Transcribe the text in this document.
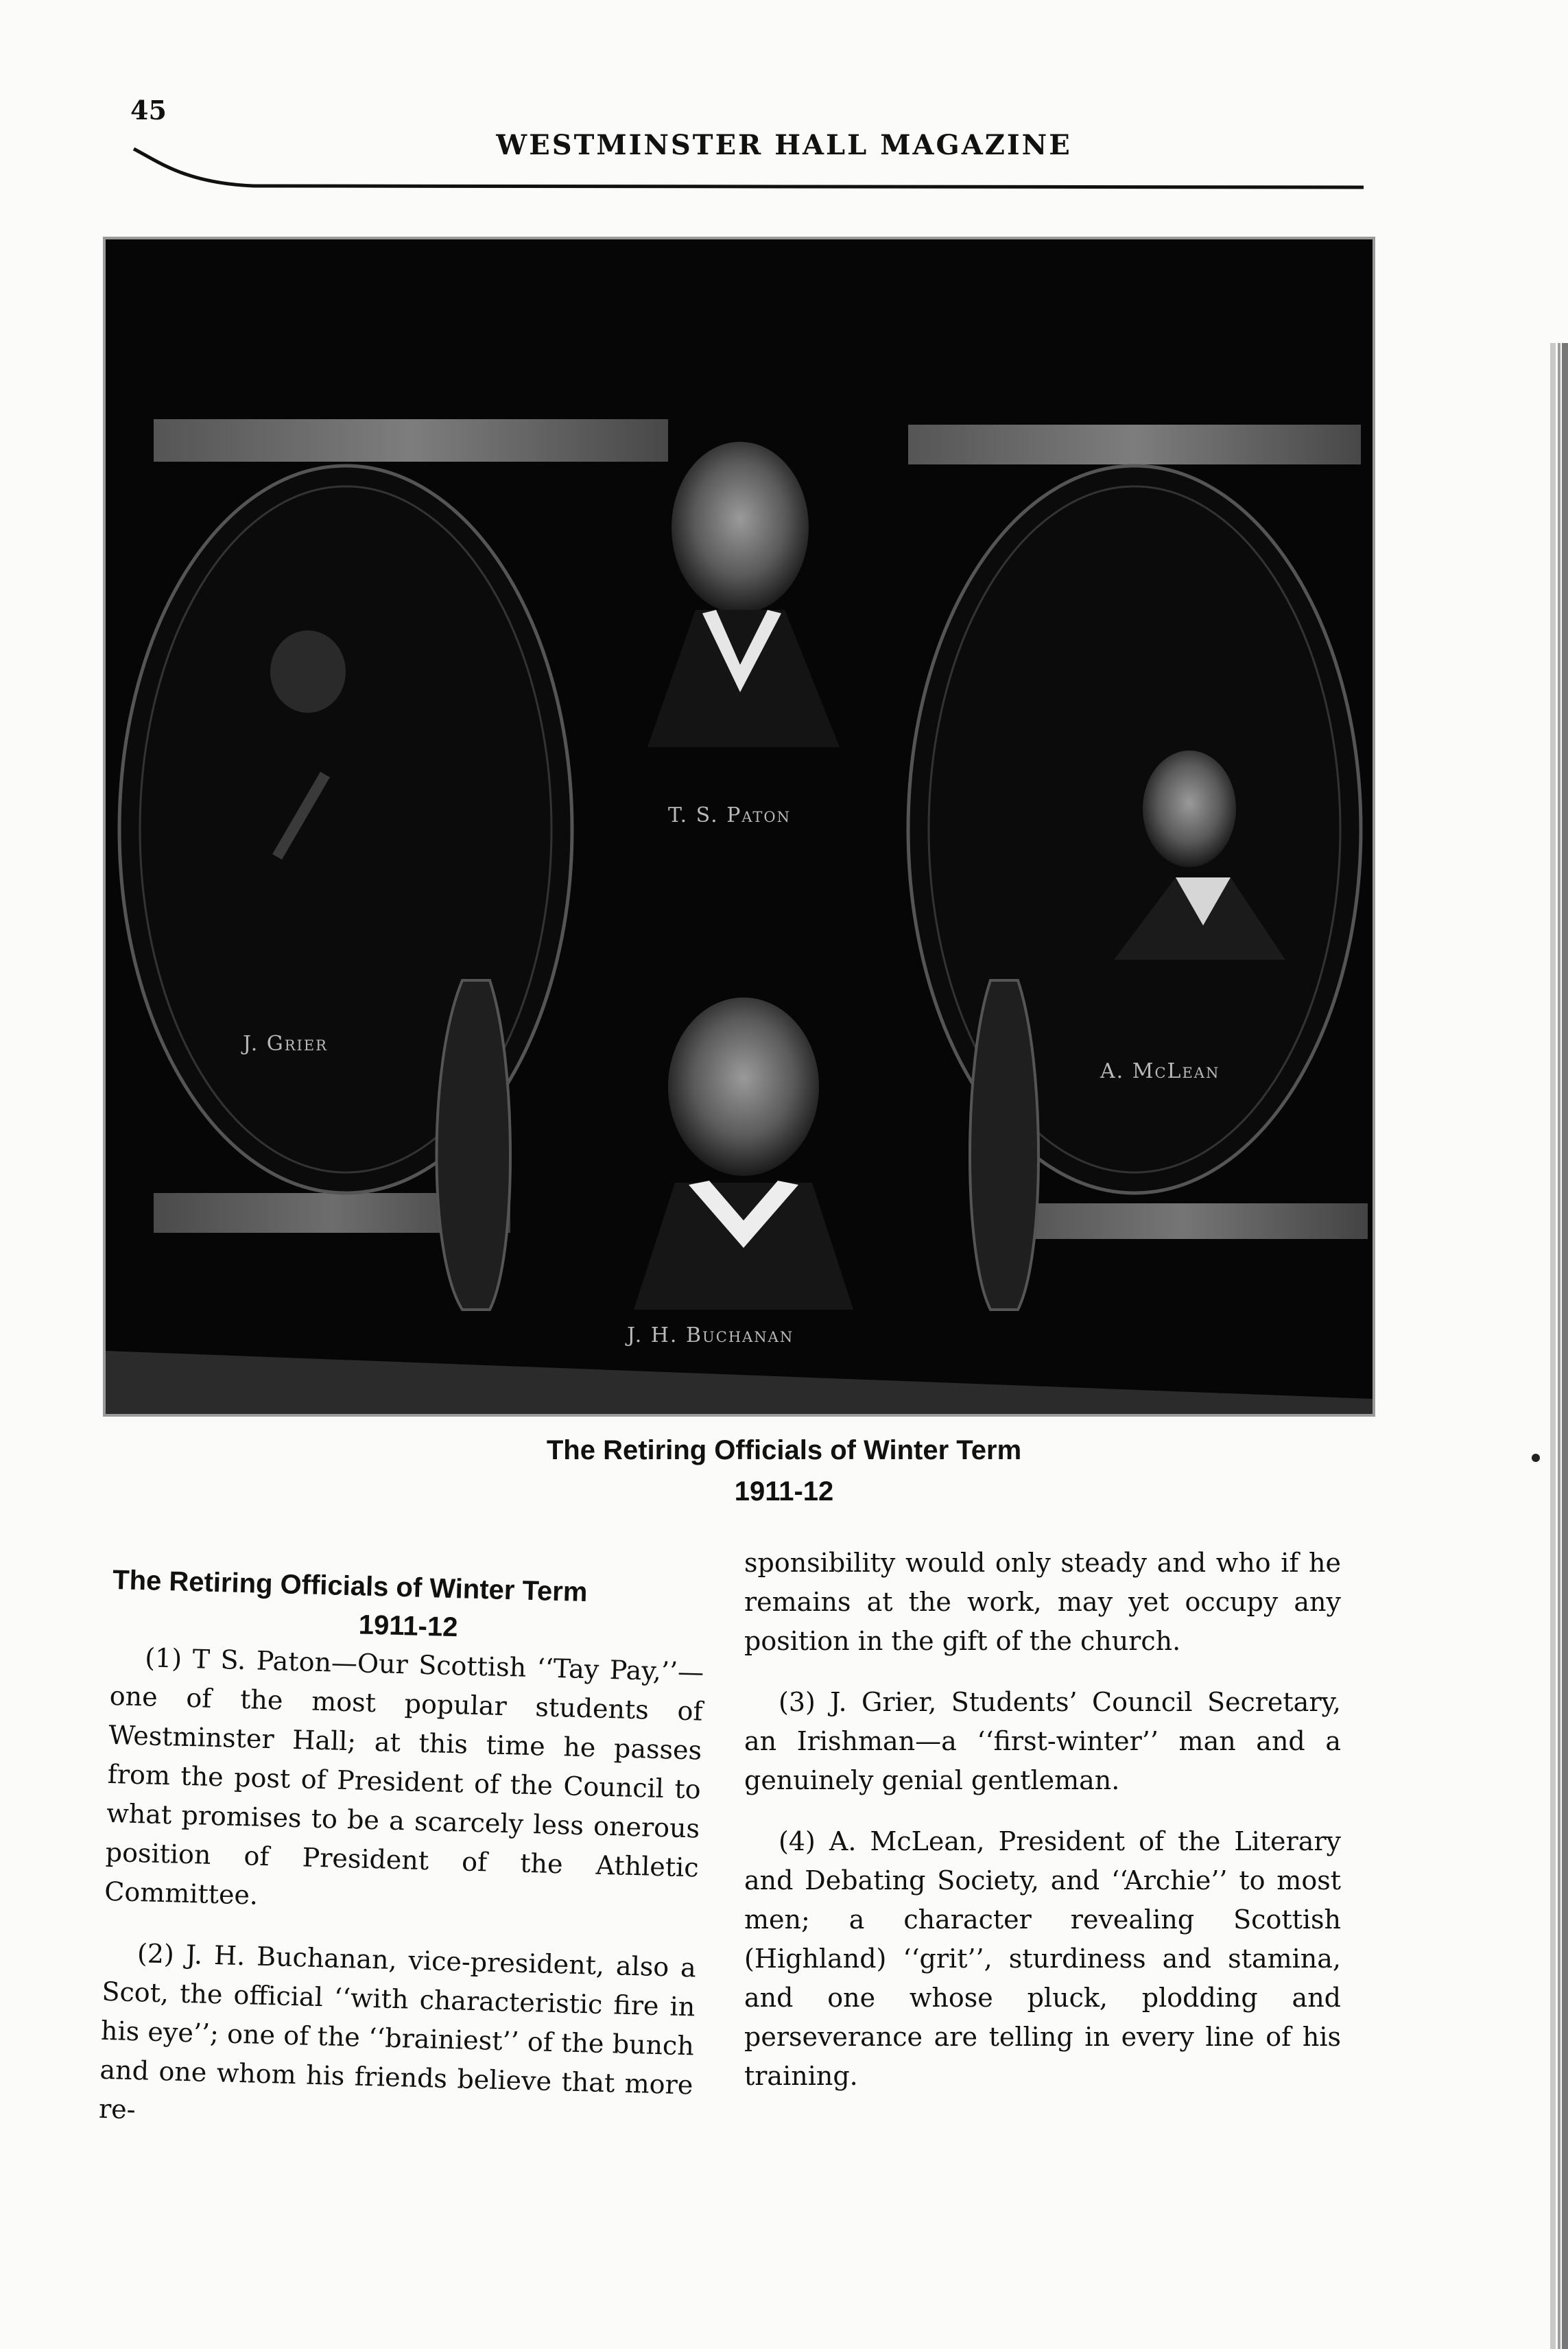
45
WESTMINSTER HALL MAGAZINE
T. S. Paton
J. Grier
A. McLean
J. H. Buchanan
The Retiring Officials of Winter Term
1911-12

The Retiring Officials of Winter Term
1911-12

(1) T S. Paton—Our Scottish ‘‘Tay Pay,’’—one of the most popular students of Westminster Hall; at this time he passes from the post of President of the Council to what promises to be a scarcely less onerous position of President of the Athletic Committee.

(2) J. H. Buchanan, vice-president, also a Scot, the official ‘‘with characteristic fire in his eye’’; one of the ‘‘brainiest’’ of the bunch and one whom his friends believe that more re-

sponsibility would only steady and who if he remains at the work, may yet occupy any position in the gift of the church.

(3) J. Grier, Students’ Council Secretary, an Irishman—a ‘‘first-winter’’ man and a genuinely genial gentleman.

(4) A. McLean, President of the Literary and Debating Society, and ‘‘Archie’’ to most men; a character revealing Scottish (Highland) ‘‘grit’’, sturdiness and stamina, and one whose pluck, plodding and perseverance are telling in every line of his training.
